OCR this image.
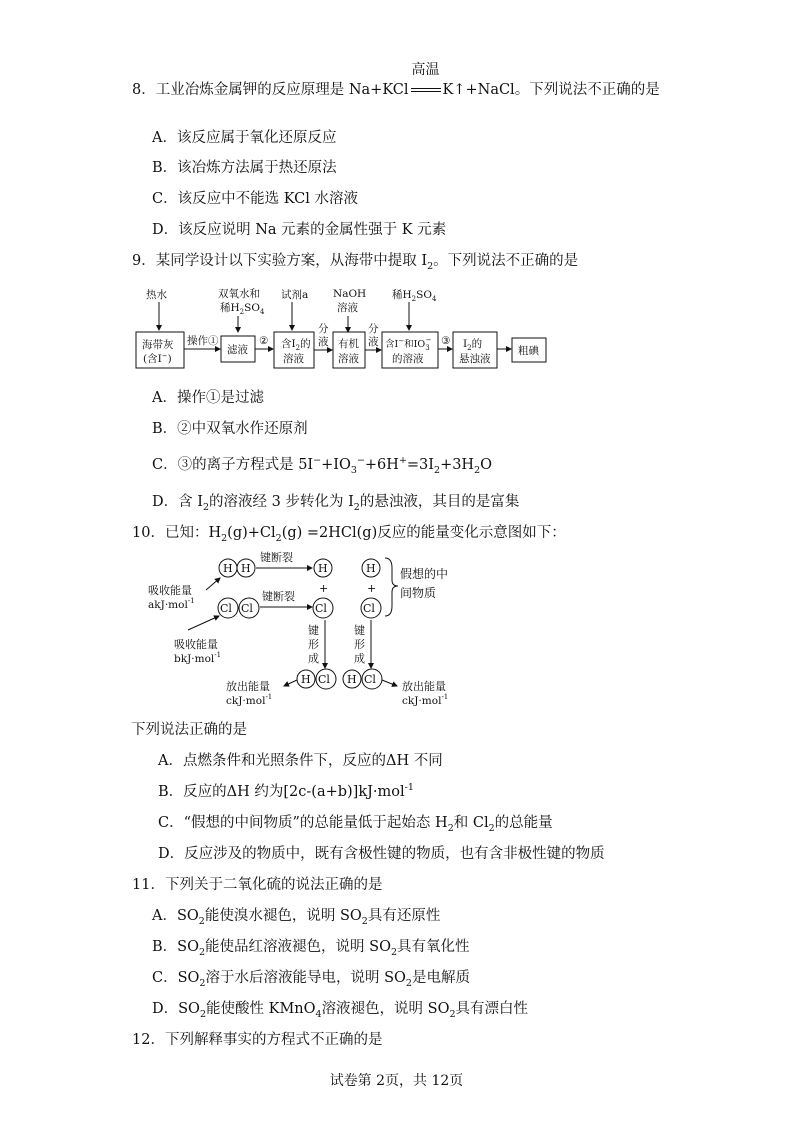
8．工业冶炼金属钾的反应原理是 Na+KCl
高温
K↑+NaCl。下列说法不正确的是
A．该反应属于氧化还原反应
B．该冶炼方法属于热还原法
C．该反应中不能选 KCl 水溶液
D．该反应说明 Na 元素的金属性强于 K 元素
9．某同学设计以下实验方案，从海带中提取 $I_2$。下列说法不正确的是
热水	双氧水和
稀$H_2SO_4$
试剂a NaOH
溶液
稀$H_2SO_4$
海带灰
(含I−)
操作①
滤液
② 含$I_2$的
溶液
分
液 有机
溶液
分
液 含I−和$IO_3-$
的溶液
③ $I_2$的
悬浊液
粗碘
A．操作①是过滤
B．②中双氧水作还原剂
C．③的离子方程式是 $5I^-+IO_3^-+6H^+=3I_2+3H_2O$
D．含 $I_2$的溶液经 3 步转化为 $I_2$的悬浊液，其目的是富集
10．已知：$H_2(g)+Cl_2(g) =2HCl(g)$反应的能量变化示意图如下：
H H
键断裂
H
+
H
+
吸收能量
akJ·mol$^{-1}$
Cl Cl
键断裂
Cl	Cl
假想的中
间物质
吸收能量
bkJ·mol$^{-1}$
键
形
成
键
形
成
H Cl H Cl
放出能量
ckJ·mol$^{-1}$
放出能量
ckJ·mol$^{-1}$
下列说法正确的是
A．点燃条件和光照条件下，反应的ΔH 不同
B．反应的ΔH 约为[2c-(a+b)]kJ·mol$^{-1}$
C．“假想的中间物质”的总能量低于起始态 $H_2$和 $Cl_2$的总能量
D．反应涉及的物质中，既有含极性键的物质，也有含非极性键的物质
11．下列关于二氧化硫的说法正确的是
A．$SO_2$能使溴水褪色，说明 $SO_2$具有还原性
B．$SO_2$能使品红溶液褪色，说明 $SO_2$具有氧化性
C．$SO_2$溶于水后溶液能导电，说明 $SO_2$是电解质
D．$SO_2$能使酸性 KMnO$_4$溶液褪色，说明 $SO_2$具有漂白性
12．下列解释事实的方程式不正确的是
试卷第 2页，共 12页
